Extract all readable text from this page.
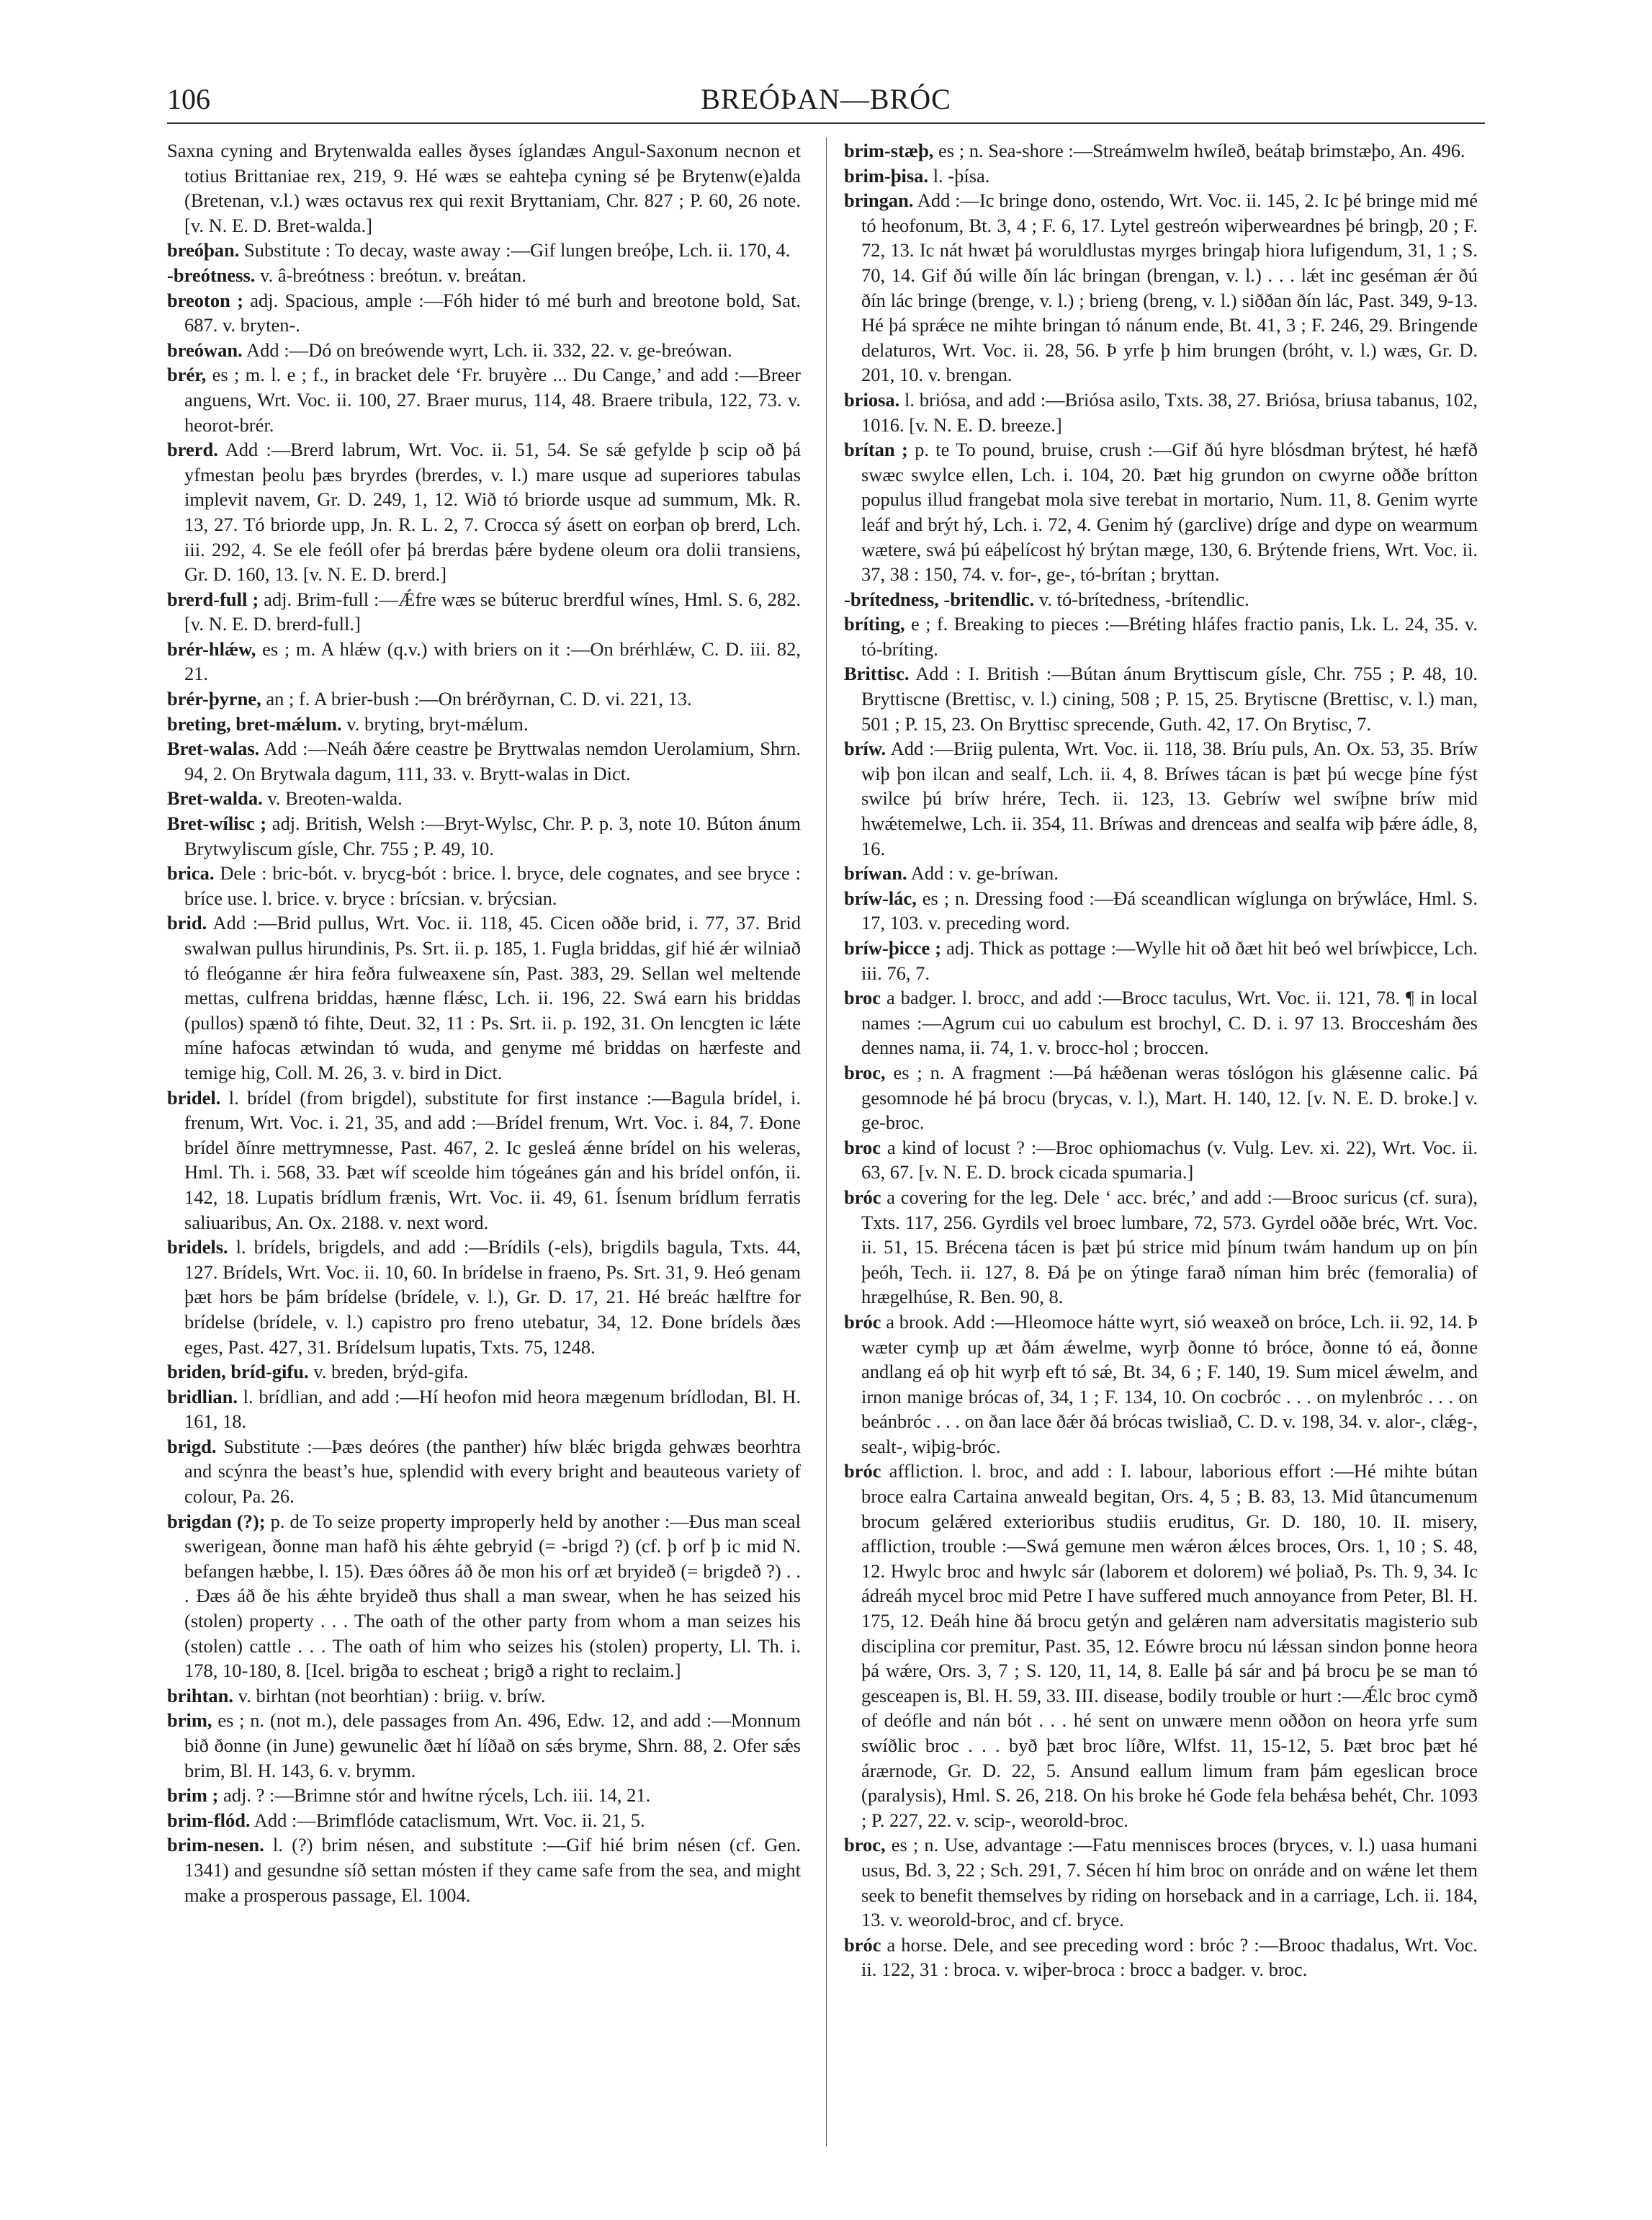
106	BREÓÞAN—BRÓC

Saxna cyning and Brytenwalda ealles ðyses íglandæs Angul-Saxonum necnon et totius Brittaniae rex, 219, 9. Hé wæs se eahteþa cyning sé þe Brytenw(e)alda (Bretenan, v.l.) wæs octavus rex qui rexit Bryttaniam, Chr. 827 ; P. 60, 26 note. [v. N. E. D. Bret-walda.]

breóþan. Substitute : To decay, waste away :—Gif lungen breóþe, Lch. ii. 170, 4.

-breótness. v. â-breótness : breótun. v. breátan.

breoton ; adj. Spacious, ample :—Fóh hider tó mé burh and breotone bold, Sat. 687. v. bryten-.

breówan. Add :—Dó on breówende wyrt, Lch. ii. 332, 22. v. ge-breówan.

brér, es ; m. l. e ; f., in bracket dele ‘Fr. bruyère ... Du Cange,’ and add :—Breer anguens, Wrt. Voc. ii. 100, 27. Braer murus, 114, 48. Braere tribula, 122, 73. v. heorot-brér.

brerd. Add :—Brerd labrum, Wrt. Voc. ii. 51, 54. Se sǽ gefylde þ scip oð þá yfmestan þeolu þæs bryrdes (brerdes, v. l.) mare usque ad superiores tabulas implevit navem, Gr. D. 249, 1, 12. Wið tó briorde usque ad summum, Mk. R. 13, 27. Tó briorde upp, Jn. R. L. 2, 7. Crocca sý ásett on eorþan oþ brerd, Lch. iii. 292, 4. Se ele feóll ofer þá brerdas þǽre bydene oleum ora dolii transiens, Gr. D. 160, 13. [v. N. E. D. brerd.]

brerd-full ; adj. Brim-full :—Ǽfre wæs se búteruc brerdful wínes, Hml. S. 6, 282. [v. N. E. D. brerd-full.]

brér-hlǽw, es ; m. A hlǽw (q.v.) with briers on it :—On brérhlǽw, C. D. iii. 82, 21.

brér-þyrne, an ; f. A brier-bush :—On brérðyrnan, C. D. vi. 221, 13.

breting, bret-mǽlum. v. bryting, bryt-mǽlum.

Bret-walas. Add :—Neáh ðǽre ceastre þe Bryttwalas nemdon Uerolamium, Shrn. 94, 2. On Brytwala dagum, 111, 33. v. Brytt-walas in Dict.

Bret-walda. v. Breoten-walda.

Bret-wílisc ; adj. British, Welsh :—Bryt-Wylsc, Chr. P. p. 3, note 10. Búton ánum Brytwyliscum gísle, Chr. 755 ; P. 49, 10.

brica. Dele : bric-bót. v. brycg-bót : brice. l. bryce, dele cognates, and see bryce : bríce use. l. brice. v. bryce : brícsian. v. brýcsian.

brid. Add :—Brid pullus, Wrt. Voc. ii. 118, 45. Cicen oððe brid, i. 77, 37. Brid swalwan pullus hirundinis, Ps. Srt. ii. p. 185, 1. Fugla briddas, gif hié ǽr wilniað tó fleóganne ǽr hira feðra fulweaxene sín, Past. 383, 29. Sellan wel meltende mettas, culfrena briddas, hænne flǽsc, Lch. ii. 196, 22. Swá earn his briddas (pullos) spænð tó fihte, Deut. 32, 11 : Ps. Srt. ii. p. 192, 31. On lencgten ic lǽte míne hafocas ætwindan tó wuda, and genyme mé briddas on hærfeste and temige hig, Coll. M. 26, 3. v. bird in Dict.

bridel. l. brídel (from brigdel), substitute for first instance :—Bagula brídel, i. frenum, Wrt. Voc. i. 21, 35, and add :—Brídel frenum, Wrt. Voc. i. 84, 7. Ðone brídel ðínre mettrymnesse, Past. 467, 2. Ic gesleá ǽnne brídel on his weleras, Hml. Th. i. 568, 33. Þæt wíf sceolde him tógeánes gán and his brídel onfón, ii. 142, 18. Lupatis brídlum frænis, Wrt. Voc. ii. 49, 61. Ísenum brídlum ferratis saliuaribus, An. Ox. 2188. v. next word.

bridels. l. brídels, brigdels, and add :—Brídils (-els), brigdils bagula, Txts. 44, 127. Brídels, Wrt. Voc. ii. 10, 60. In brídelse in fraeno, Ps. Srt. 31, 9. Heó genam þæt hors be þám brídelse (brídele, v. l.), Gr. D. 17, 21. Hé breác hælftre for brídelse (brídele, v. l.) capistro pro freno utebatur, 34, 12. Ðone brídels ðæs eges, Past. 427, 31. Brídelsum lupatis, Txts. 75, 1248.

briden, bríd-gifu. v. breden, brýd-gifa.

bridlian. l. brídlian, and add :—Hí heofon mid heora mægenum brídlodan, Bl. H. 161, 18.

brigd. Substitute :—Þæs deóres (the panther) híw blǽc brigda gehwæs beorhtra and scýnra the beast’s hue, splendid with every bright and beauteous variety of colour, Pa. 26.

brigdan (?); p. de To seize property improperly held by another :—Ðus man sceal swerigean, ðonne man hafð his ǽhte gebryid (= -brigd ?) (cf. þ orf þ ic mid N. befangen hæbbe, l. 15). Ðæs óðres áð ðe mon his orf æt bryideð (= brigdeð ?) . . . Ðæs áð ðe his ǽhte bryideð thus shall a man swear, when he has seized his (stolen) property . . . The oath of the other party from whom a man seizes his (stolen) cattle . . . The oath of him who seizes his (stolen) property, Ll. Th. i. 178, 10-180, 8. [Icel. brigða to escheat ; brigð a right to reclaim.]

brihtan. v. birhtan (not beorhtian) : briig. v. bríw.

brim, es ; n. (not m.), dele passages from An. 496, Edw. 12, and add :—Monnum bið ðonne (in June) gewunelic ðæt hí líðað on sǽs bryme, Shrn. 88, 2. Ofer sǽs brim, Bl. H. 143, 6. v. brymm.

brim ; adj. ? :—Brimne stór and hwítne rýcels, Lch. iii. 14, 21.

brim-flód. Add :—Brimflóde cataclismum, Wrt. Voc. ii. 21, 5.

brim-nesen. l. (?) brim nésen, and substitute :—Gif hié brim nésen (cf. Gen. 1341) and gesundne síð settan mósten if they came safe from the sea, and might make a prosperous passage, El. 1004.

brim-stæþ, es ; n. Sea-shore :—Streámwelm hwíleð, beátaþ brimstæþo, An. 496.

brim-þisa. l. -þísa.

bringan. Add :—Ic bringe dono, ostendo, Wrt. Voc. ii. 145, 2. Ic þé bringe mid mé tó heofonum, Bt. 3, 4 ; F. 6, 17. Lytel gestreón wiþerweardnes þé bringþ, 20 ; F. 72, 13. Ic nát hwæt þá woruldlustas myrges bringaþ hiora lufigendum, 31, 1 ; S. 70, 14. Gif ðú wille ðín lác bringan (brengan, v. l.) . . . lǽt inc geséman ǽr ðú ðín lác bringe (brenge, v. l.) ; brieng (breng, v. l.) siððan ðín lác, Past. 349, 9-13. Hé þá sprǽce ne mihte bringan tó nánum ende, Bt. 41, 3 ; F. 246, 29. Bringende delaturos, Wrt. Voc. ii. 28, 56. Þ yrfe þ him brungen (bróht, v. l.) wæs, Gr. D. 201, 10. v. brengan.

briosa. l. briósa, and add :—Briósa asilo, Txts. 38, 27. Briósa, briusa tabanus, 102, 1016. [v. N. E. D. breeze.]

brítan ; p. te To pound, bruise, crush :—Gif ðú hyre blósdman brýtest, hé hæfð swæc swylce ellen, Lch. i. 104, 20. Þæt hig grundon on cwyrne oððe brítton populus illud frangebat mola sive terebat in mortario, Num. 11, 8. Genim wyrte leáf and brýt hý, Lch. i. 72, 4. Genim hý (garclive) dríge and dype on wearmum wætere, swá þú eáþelícost hý brýtan mæge, 130, 6. Brýtende friens, Wrt. Voc. ii. 37, 38 : 150, 74. v. for-, ge-, tó-brítan ; bryttan.

-brítedness, -britendlic. v. tó-brítedness, -brítendlic.

bríting, e ; f. Breaking to pieces :—Bréting hláfes fractio panis, Lk. L. 24, 35. v. tó-bríting.

Brittisc. Add : I. British :—Bútan ánum Bryttiscum gísle, Chr. 755 ; P. 48, 10. Bryttiscne (Brettisc, v. l.) cining, 508 ; P. 15, 25. Brytiscne (Brettisc, v. l.) man, 501 ; P. 15, 23. On Bryttisc sprecende, Guth. 42, 17. On Brytisc, 7.

bríw. Add :—Briig pulenta, Wrt. Voc. ii. 118, 38. Bríu puls, An. Ox. 53, 35. Bríw wiþ þon ilcan and sealf, Lch. ii. 4, 8. Bríwes tácan is þæt þú wecge þíne fýst swilce þú bríw hrére, Tech. ii. 123, 13. Gebríw wel swíþne bríw mid hwǽtemelwe, Lch. ii. 354, 11. Bríwas and drenceas and sealfa wiþ þǽre ádle, 8, 16.

bríwan. Add : v. ge-bríwan.

bríw-lác, es ; n. Dressing food :—Ðá sceandlican wíglunga on brýwláce, Hml. S. 17, 103. v. preceding word.

bríw-þicce ; adj. Thick as pottage :—Wylle hit oð ðæt hit beó wel bríwþicce, Lch. iii. 76, 7.

broc a badger. l. brocc, and add :—Brocc taculus, Wrt. Voc. ii. 121, 78. ¶ in local names :—Agrum cui uo cabulum est brochyl, C. D. i. 97 13. Brocceshám ðes dennes nama, ii. 74, 1. v. brocc-hol ; broccen.

broc, es ; n. A fragment :—Þá hǽðenan weras tóslógon his glǽsenne calic. Þá gesomnode hé þá brocu (brycas, v. l.), Mart. H. 140, 12. [v. N. E. D. broke.] v. ge-broc.

broc a kind of locust ? :—Broc ophiomachus (v. Vulg. Lev. xi. 22), Wrt. Voc. ii. 63, 67. [v. N. E. D. brock cicada spumaria.]

bróc a covering for the leg. Dele ‘ acc. bréc,’ and add :—Brooc suricus (cf. sura), Txts. 117, 256. Gyrdils vel broec lumbare, 72, 573. Gyrdel oððe bréc, Wrt. Voc. ii. 51, 15. Brécena tácen is þæt þú strice mid þínum twám handum up on þín þeóh, Tech. ii. 127, 8. Ðá þe on ýtinge farað níman him bréc (femoralia) of hrægelhúse, R. Ben. 90, 8.

bróc a brook. Add :—Hleomoce hátte wyrt, sió weaxeð on bróce, Lch. ii. 92, 14. Þ wæter cymþ up æt ðám ǽwelme, wyrþ ðonne tó bróce, ðonne tó eá, ðonne andlang eá oþ hit wyrþ eft tó sǽ, Bt. 34, 6 ; F. 140, 19. Sum micel ǽwelm, and irnon manige brócas of, 34, 1 ; F. 134, 10. On cocbróc . . . on mylenbróc . . . on beánbróc . . . on ðan lace ðǽr ðá brócas twisliað, C. D. v. 198, 34. v. alor-, clǽg-, sealt-, wiþig-bróc.

bróc affliction. l. broc, and add : I. labour, laborious effort :—Hé mihte bútan broce ealra Cartaina anweald begitan, Ors. 4, 5 ; B. 83, 13. Mid ûtancumenum brocum gelǽred exterioribus studiis eruditus, Gr. D. 180, 10. II. misery, affliction, trouble :—Swá gemune men wǽron ǽlces broces, Ors. 1, 10 ; S. 48, 12. Hwylc broc and hwylc sár (laborem et dolorem) wé þoliað, Ps. Th. 9, 34. Ic ádreáh mycel broc mid Petre I have suffered much annoyance from Peter, Bl. H. 175, 12. Ðeáh hine ðá brocu getýn and gelǽren nam adversitatis magisterio sub disciplina cor premitur, Past. 35, 12. Eówre brocu nú lǽssan sindon þonne heora þá wǽre, Ors. 3, 7 ; S. 120, 11, 14, 8. Ealle þá sár and þá brocu þe se man tó gesceapen is, Bl. H. 59, 33. III. disease, bodily trouble or hurt :—Ǽlc broc cymð of deófle and nán bót . . . hé sent on unwære menn oððon on heora yrfe sum swíðlic broc . . . byð þæt broc líðre, Wlfst. 11, 15-12, 5. Þæt broc þæt hé árærnode, Gr. D. 22, 5. Ansund eallum limum fram þám egeslican broce (paralysis), Hml. S. 26, 218. On his broke hé Gode fela behǽsa behét, Chr. 1093 ; P. 227, 22. v. scip-, weorold-broc.

broc, es ; n. Use, advantage :—Fatu mennisces broces (bryces, v. l.) uasa humani usus, Bd. 3, 22 ; Sch. 291, 7. Sécen hí him broc on onráde and on wǽne let them seek to benefit themselves by riding on horseback and in a carriage, Lch. ii. 184, 13. v. weorold-broc, and cf. bryce.

bróc a horse. Dele, and see preceding word : bróc ? :—Brooc thadalus, Wrt. Voc. ii. 122, 31 : broca. v. wiþer-broca : brocc a badger. v. broc.
